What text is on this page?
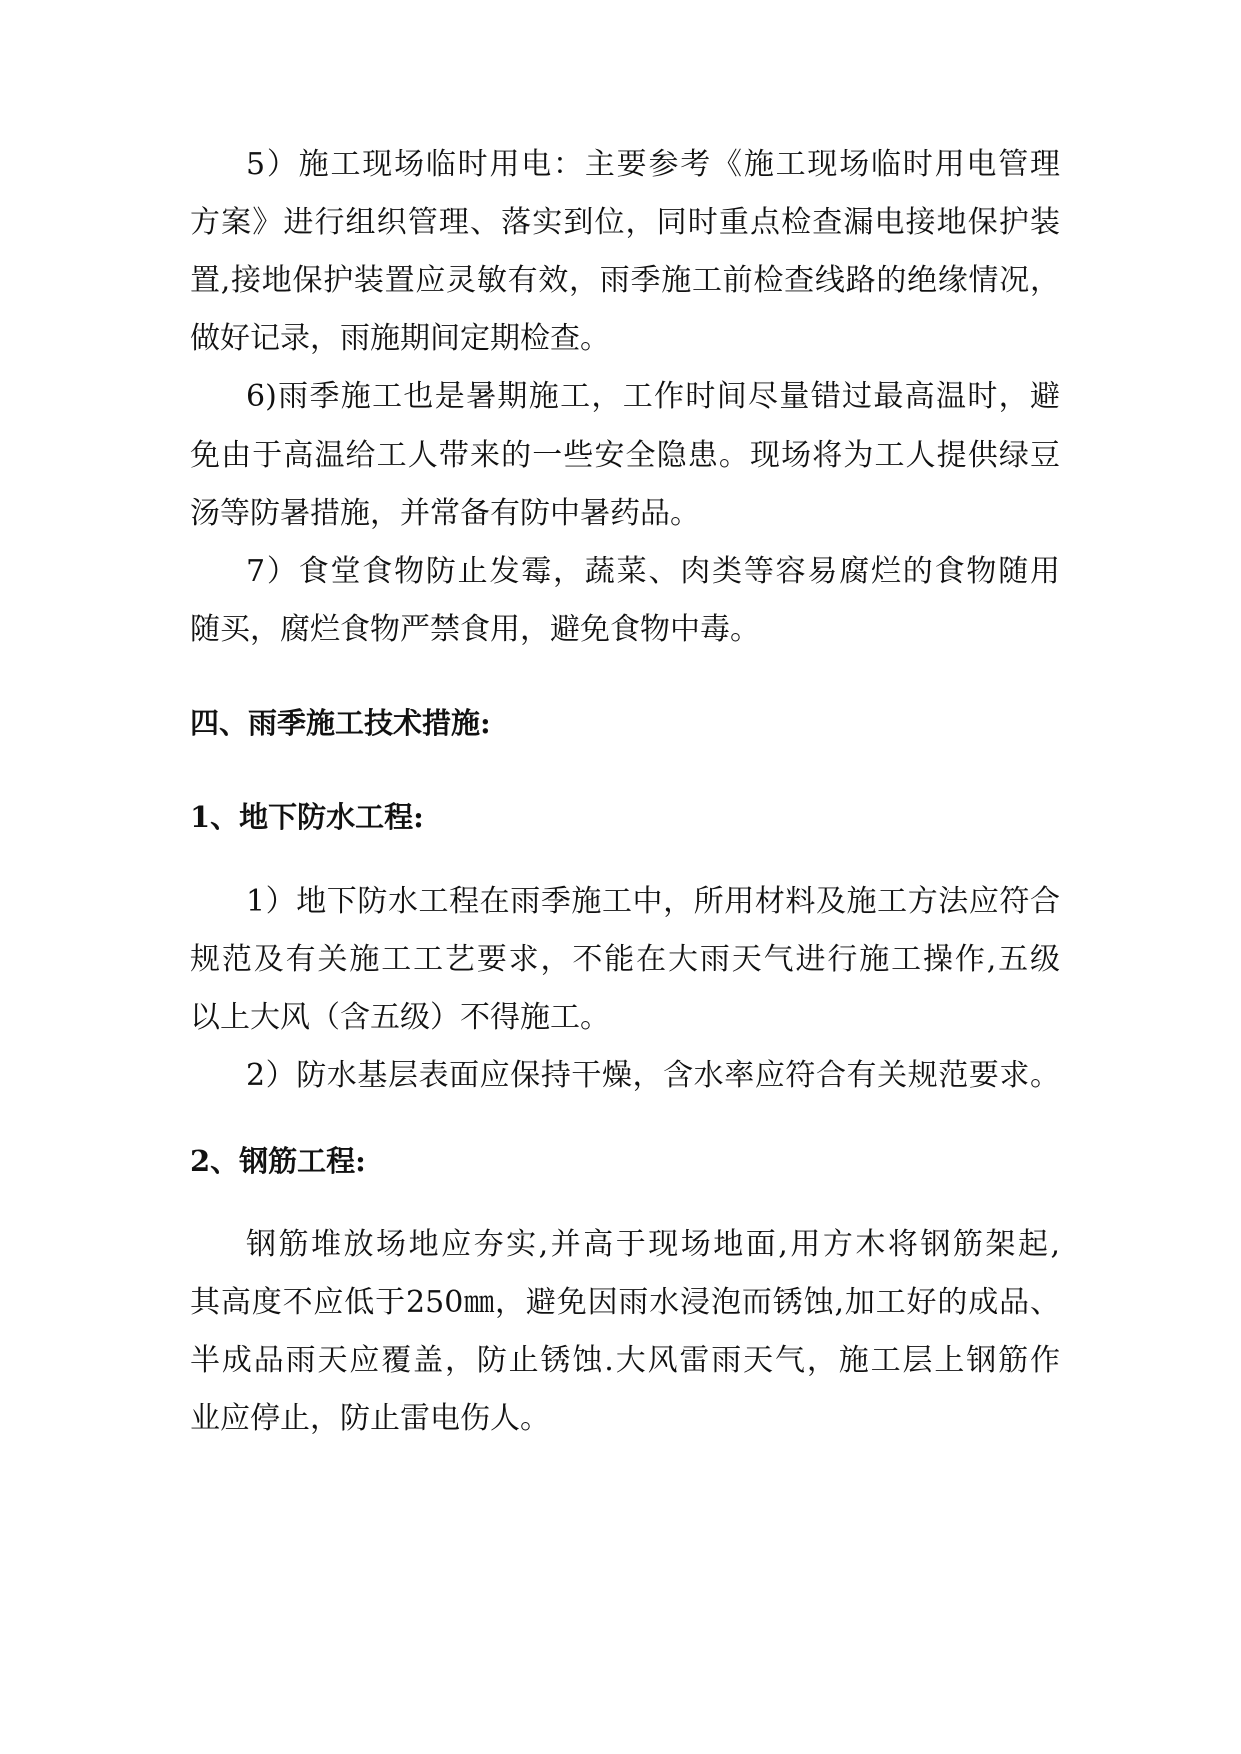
5）施工现场临时用电：主要参考《施工现场临时用电管理
方案》进行组织管理、落实到位，同时重点检查漏电接地保护装
置,接地保护装置应灵敏有效，雨季施工前检查线路的绝缘情况，
做好记录，雨施期间定期检查。
6)雨季施工也是暑期施工，工作时间尽量错过最高温时，避
免由于高温给工人带来的一些安全隐患。现场将为工人提供绿豆
汤等防暑措施，并常备有防中暑药品。
7）食堂食物防止发霉，蔬菜、肉类等容易腐烂的食物随用
随买，腐烂食物严禁食用，避免食物中毒。
四、雨季施工技术措施:
1、地下防水工程:
1）地下防水工程在雨季施工中，所用材料及施工方法应符合
规范及有关施工工艺要求，不能在大雨天气进行施工操作,五级
以上大风（含五级）不得施工。
2）防水基层表面应保持干燥，含水率应符合有关规范要求。
2、钢筋工程:
钢筋堆放场地应夯实,并高于现场地面,用方木将钢筋架起,
其高度不应低于250㎜，避免因雨水浸泡而锈蚀,加工好的成品、
半成品雨天应覆盖，防止锈蚀.大风雷雨天气，施工层上钢筋作
业应停止，防止雷电伤人。
